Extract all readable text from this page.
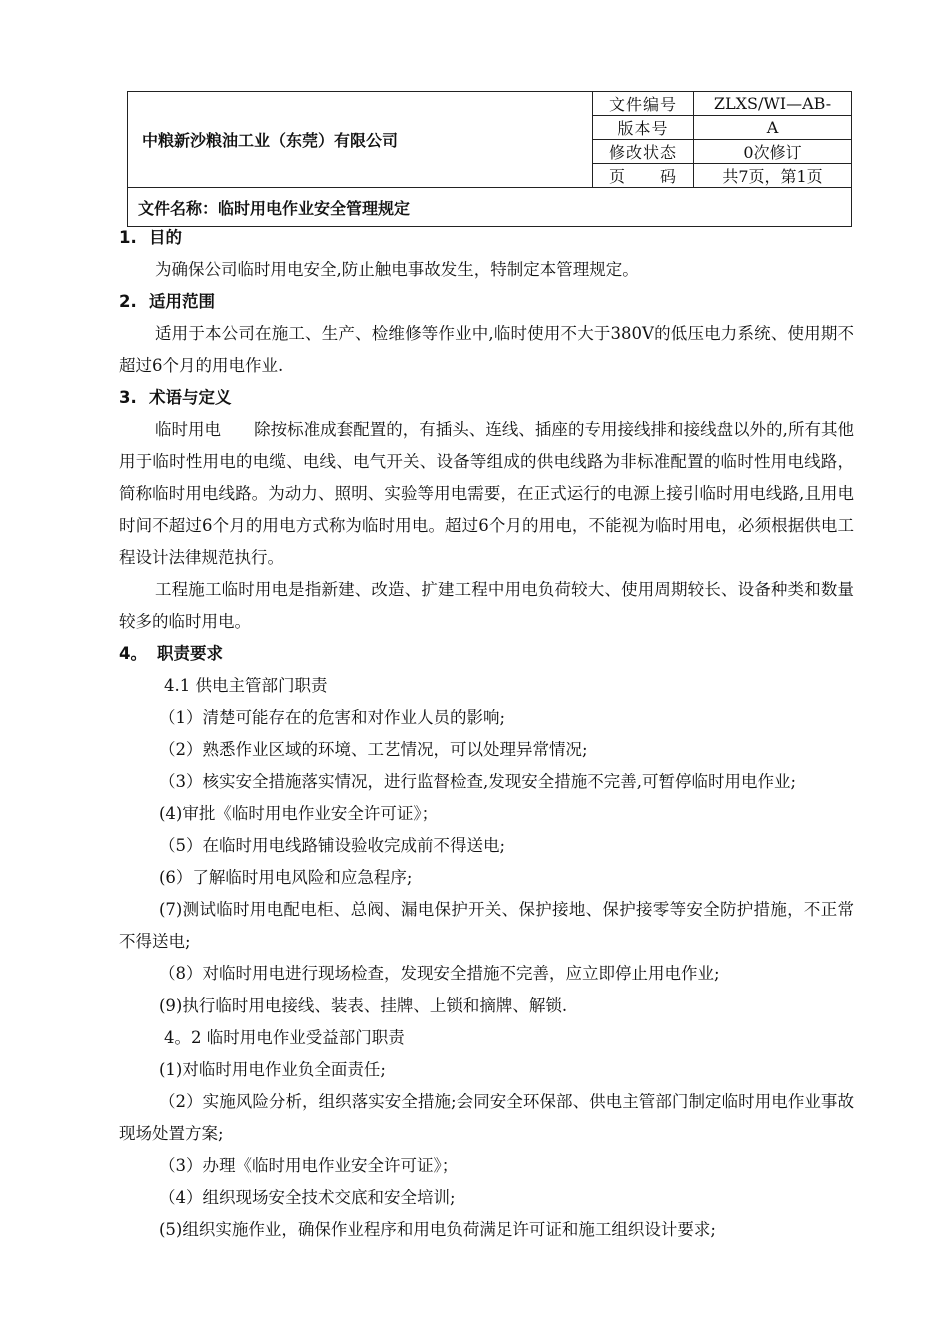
中粮新沙粮油工业（东莞）有限公司	文件编号	ZLXS/WI—AB-
	版本号	A
	修改状态	0次修订
	页　　码	共7页，第1页
文件名称：临时用电作业安全管理规定		
1. 目的
为确保公司临时用电安全,防止触电事故发生，特制定本管理规定。
2. 适用范围
适用于本公司在施工、生产、检维修等作业中,临时使用不大于380V的低压电力系统、使用期不超过6个月的用电作业.
3. 术语与定义
临时用电　　除按标准成套配置的，有插头、连线、插座的专用接线排和接线盘以外的,所有其他用于临时性用电的电缆、电线、电气开关、设备等组成的供电线路为非标准配置的临时性用电线路，简称临时用电线路。为动力、照明、实验等用电需要，在正式运行的电源上接引临时用电线路,且用电时间不超过6个月的用电方式称为临时用电。超过6个月的用电，不能视为临时用电，必须根据供电工程设计法律规范执行。
工程施工临时用电是指新建、改造、扩建工程中用电负荷较大、使用周期较长、设备种类和数量较多的临时用电。
4。 职责要求
4.1 供电主管部门职责
（1）清楚可能存在的危害和对作业人员的影响;
（2）熟悉作业区域的环境、工艺情况，可以处理异常情况;
（3）核实安全措施落实情况，进行监督检查,发现安全措施不完善,可暂停临时用电作业;
(4)审批《临时用电作业安全许可证》；
（5）在临时用电线路铺设验收完成前不得送电;
(6）了解临时用电风险和应急程序;
(7)测试临时用电配电柜、总阀、漏电保护开关、保护接地、保护接零等安全防护措施，不正常不得送电;
（8）对临时用电进行现场检查，发现安全措施不完善，应立即停止用电作业;
(9)执行临时用电接线、装表、挂牌、上锁和摘牌、解锁.
4。2 临时用电作业受益部门职责
(1)对临时用电作业负全面责任;
（2）实施风险分析，组织落实安全措施;会同安全环保部、供电主管部门制定临时用电作业事故现场处置方案;
（3）办理《临时用电作业安全许可证》；
（4）组织现场安全技术交底和安全培训;
(5)组织实施作业，确保作业程序和用电负荷满足许可证和施工组织设计要求;
